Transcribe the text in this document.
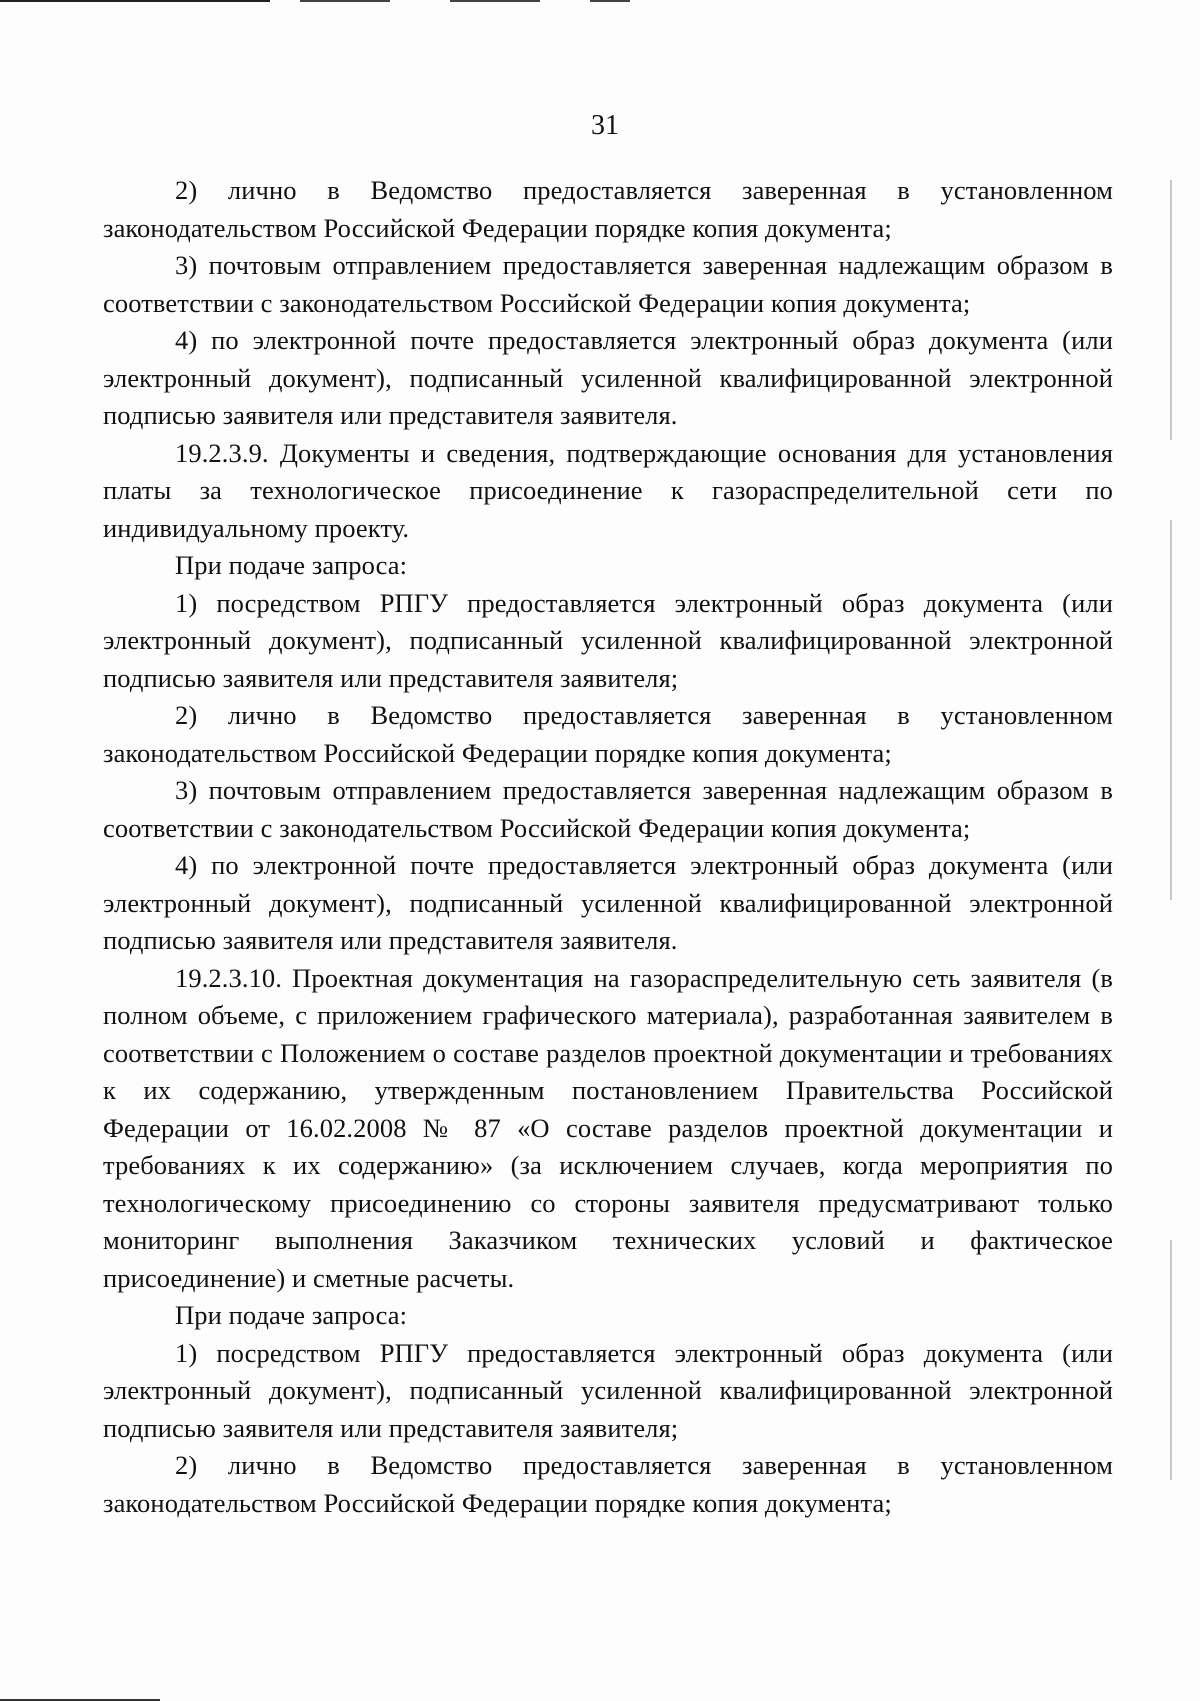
31

2) лично в Ведомство предоставляется заверенная в установленном законодательством Российской Федерации порядке копия документа;

3) почтовым отправлением предоставляется заверенная надлежащим образом в соответствии с законодательством Российской Федерации копия документа;

4) по электронной почте предоставляется электронный образ документа (или электронный документ), подписанный усиленной квалифицированной электронной подписью заявителя или представителя заявителя.

19.2.3.9. Документы и сведения, подтверждающие основания для установления платы за технологическое присоединение к газораспределительной сети по индивидуальному проекту.

При подаче запроса:

1) посредством РПГУ предоставляется электронный образ документа (или электронный документ), подписанный усиленной квалифицированной электронной подписью заявителя или представителя заявителя;

2) лично в Ведомство предоставляется заверенная в установленном законодательством Российской Федерации порядке копия документа;

3) почтовым отправлением предоставляется заверенная надлежащим образом в соответствии с законодательством Российской Федерации копия документа;

4) по электронной почте предоставляется электронный образ документа (или электронный документ), подписанный усиленной квалифицированной электронной подписью заявителя или представителя заявителя.

19.2.3.10. Проектная документация на газораспределительную сеть заявителя (в полном объеме, с приложением графического материала), разработанная заявителем в соответствии с Положением о составе разделов проектной документации и требованиях к их содержанию, утвержденным постановлением Правительства Российской Федерации от 16.02.2008 № 87 «О составе разделов проектной документации и требованиях к их содержанию» (за исключением случаев, когда мероприятия по технологическому присоединению со стороны заявителя предусматривают только мониторинг выполнения Заказчиком технических условий и фактическое присоединение) и сметные расчеты.

При подаче запроса:

1) посредством РПГУ предоставляется электронный образ документа (или электронный документ), подписанный усиленной квалифицированной электронной подписью заявителя или представителя заявителя;

2) лично в Ведомство предоставляется заверенная в установленном законодательством Российской Федерации порядке копия документа;
